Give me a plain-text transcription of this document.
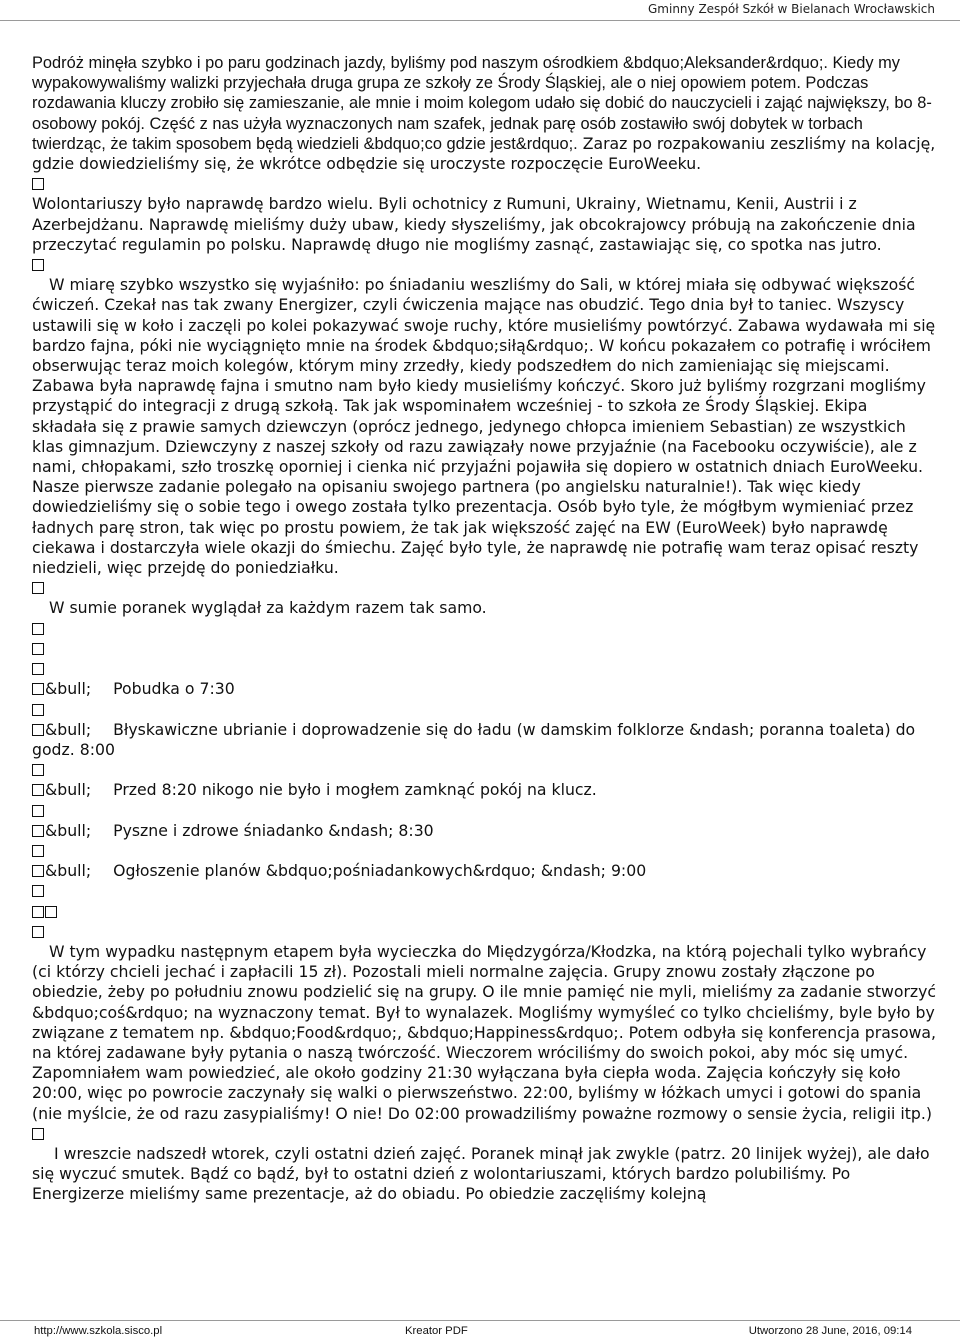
Gminny Zespół Szkół w Bielanach Wrocławskich

Podróż minęła szybko i po paru godzinach jazdy, byliśmy pod naszym ośrodkiem &bdquo;Aleksander&rdquo;. Kiedy my wypakowywaliśmy walizki przyjechała druga grupa ze szkoły ze Środy Śląskiej, ale o niej opowiem potem. Podczas rozdawania kluczy zrobiło się zamieszanie, ale mnie i moim kolegom udało się dobić do nauczycieli i zająć największy, bo 8-osobowy pokój. Część z nas użyła wyznaczonych nam szafek, jednak parę osób zostawiło swój dobytek w torbach twierdząc, że takim sposobem będą wiedzieli &bdquo;co gdzie jest&rdquo;. Zaraz po rozpakowaniu zeszliśmy na kolację, gdzie dowiedzieliśmy się, że wkrótce odbędzie się uroczyste rozpoczęcie EuroWeeku.

Wolontariuszy było naprawdę bardzo wielu. Byli ochotnicy z Rumuni, Ukrainy, Wietnamu, Kenii, Austrii i z Azerbejdżanu. Naprawdę mieliśmy duży ubaw, kiedy słyszeliśmy, jak obcokrajowcy próbują na zakończenie dnia przeczytać regulamin po polsku. Naprawdę długo nie mogliśmy zasnąć, zastawiając się, co spotka nas jutro.

W miarę szybko wszystko się wyjaśniło: po śniadaniu weszliśmy do Sali, w której miała się odbywać większość ćwiczeń. Czekał nas tak zwany Energizer, czyli ćwiczenia mające nas obudzić. Tego dnia był to taniec. Wszyscy ustawili się w koło i zaczęli po kolei pokazywać swoje ruchy, które musieliśmy powtórzyć. Zabawa wydawała mi się bardzo fajna, póki nie wyciągnięto mnie na środek &bdquo;siłą&rdquo;. W końcu pokazałem co potrafię i wróciłem obserwując teraz moich kolegów, którym miny zrzedły, kiedy podszedłem do nich zamieniając się miejscami. Zabawa była naprawdę fajna i smutno nam było kiedy musieliśmy kończyć. Skoro już byliśmy rozgrzani mogliśmy przystąpić do integracji z drugą szkołą. Tak jak wspominałem wcześniej - to szkoła ze Środy Śląskiej. Ekipa składała się z prawie samych dziewczyn (oprócz jednego, jedynego chłopca imieniem Sebastian) ze wszystkich klas gimnazjum. Dziewczyny z naszej szkoły od razu zawiązały nowe przyjaźnie (na Facebooku oczywiście), ale z nami, chłopakami, szło troszkę oporniej i cienka nić przyjaźni pojawiła się dopiero w ostatnich dniach EuroWeeku. Nasze pierwsze zadanie polegało na opisaniu swojego partnera (po angielsku naturalnie!). Tak więc kiedy dowiedzieliśmy się o sobie tego i owego została tylko prezentacja. Osób było tyle, że mógłbym wymieniać przez ładnych parę stron, tak więc po prostu powiem, że tak jak większość zajęć na EW (EuroWeek) było naprawdę ciekawa i dostarczyła wiele okazji do śmiechu. Zajęć było tyle, że naprawdę nie potrafię wam teraz opisać reszty niedzieli, więc przejdę do poniedziałku.

W sumie poranek wyglądał za każdym razem tak samo.

&bull; Pobudka o 7:30

&bull; Błyskawiczne ubrianie i doprowadzenie się do ładu (w damskim folklorze &ndash; poranna toaleta) do godz. 8:00

&bull; Przed 8:20 nikogo nie było i mogłem zamknąć pokój na klucz.

&bull; Pyszne i zdrowe śniadanko &ndash; 8:30

&bull; Ogłoszenie planów &bdquo;pośniadankowych&rdquo; &ndash; 9:00

W tym wypadku następnym etapem była wycieczka do Międzygórza/Kłodzka, na którą pojechali tylko wybrańcy (ci którzy chcieli jechać i zapłacili 15 zł). Pozostali mieli normalne zajęcia. Grupy znowu zostały złączone po obiedzie, żeby po południu znowu podzielić się na grupy. O ile mnie pamięć nie myli, mieliśmy za zadanie stworzyć &bdquo;coś&rdquo; na wyznaczony temat. Był to wynalazek. Mogliśmy wymyśleć co tylko chcieliśmy, byle było by związane z tematem np. &bdquo;Food&rdquo;, &bdquo;Happiness&rdquo;. Potem odbyła się konferencja prasowa, na której zadawane były pytania o naszą twórczość. Wieczorem wróciliśmy do swoich pokoi, aby móc się umyć. Zapomniałem wam powiedzieć, ale około godziny 21:30 wyłączana była ciepła woda. Zajęcia kończyły się koło 20:00, więc po powrocie zaczynały się walki o pierwszeństwo. 22:00, byliśmy w łóżkach umyci i gotowi do spania (nie myślcie, że od razu zasypialiśmy! O nie! Do 02:00 prowadziliśmy poważne rozmowy o sensie życia, religii itp.)

I wreszcie nadszedł wtorek, czyli ostatni dzień zajęć. Poranek minął jak zwykle (patrz. 20 linijek wyżej), ale dało się wyczuć smutek. Bądź co bądź, był to ostatni dzień z wolontariuszami, których bardzo polubiliśmy. Po Energizerze mieliśmy same prezentacje, aż do obiadu. Po obiedzie zaczęliśmy kolejną

http://www.szkola.sisco.pl	Kreator PDF	Utworzono 28 June, 2016, 09:14
